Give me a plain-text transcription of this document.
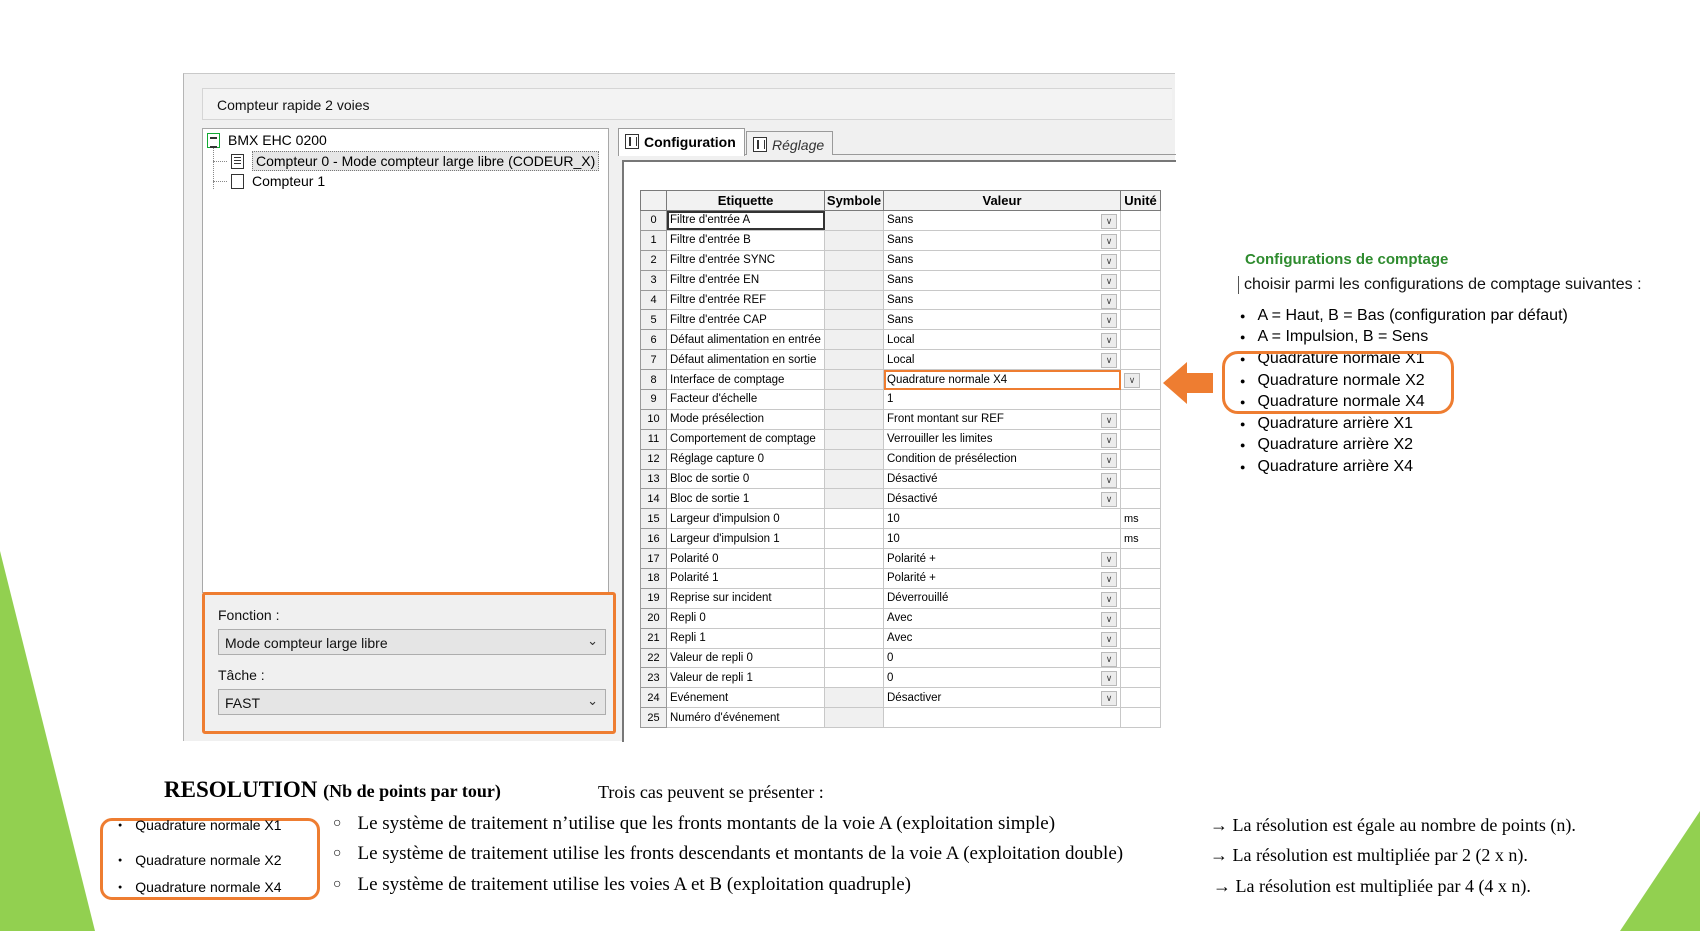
Compteur rapide 2 voies
BMX EHC 0200
Compteur 0 - Mode compteur large libre (CODEUR_X)
Compteur 1
Fonction :
Mode compteur large libre	⌄
Tâche :
FAST	⌄
Configuration	Réglage
	Etiquette	Symbole	Valeur	Unité
0	Filtre d'entrée A		Sans ∨	

1	Filtre d'entrée B		Sans ∨	

2	Filtre d'entrée SYNC		Sans ∨	

3	Filtre d'entrée EN		Sans ∨	

4	Filtre d'entrée REF		Sans ∨	

5	Filtre d'entrée CAP		Sans ∨	

6	Défaut alimentation en entrée		Local ∨	

7	Défaut alimentation en sortie		Local ∨	

8	Interface de comptage		Quadrature normale X4 ∨	

9	Facteur d'échelle		1	
10	Mode présélection		Front montant sur REF ∨	

11	Comportement de comptage		Verrouiller les limites ∨	

12	Réglage capture 0		Condition de présélection ∨	

13	Bloc de sortie 0		Désactivé ∨	

14	Bloc de sortie 1		Désactivé ∨	

15	Largeur d'impulsion 0		10	ms
16	Largeur d'impulsion 1		10	ms
17	Polarité 0		Polarité + ∨	

18	Polarité 1		Polarité + ∨	

19	Reprise sur incident		Déverrouillé ∨	

20	Repli 0		Avec ∨	

21	Repli 1		Avec ∨	

22	Valeur de repli 0		0 ∨	

23	Valeur de repli 1		0 ∨	

24	Evénement		Désactiver ∨	

25	Numéro d'événement			
Configurations de comptage
choisir parmi les configurations de comptage suivantes :
● A = Haut, B = Bas (configuration par défaut)
● A = Impulsion, B = Sens
● Quadrature normale X1
● Quadrature normale X2
● Quadrature normale X4
● Quadrature arrière X1
● Quadrature arrière X2
● Quadrature arrière X4
RESOLUTION (Nb de points par tour)	Trois cas peuvent se présenter :
● Quadrature normale X1
● Quadrature normale X2
● Quadrature normale X4
○ Le système de traitement n’utilise que les fronts montants de la voie A (exploitation simple)
○ Le système de traitement utilise les fronts descendants et montants de la voie A (exploitation double)
○ Le système de traitement utilise les voies A et B (exploitation quadruple)
→ La résolution est égale au nombre de points (n).
→ La résolution est multipliée par 2 (2 x n).
→ La résolution est multipliée par 4 (4 x n).
